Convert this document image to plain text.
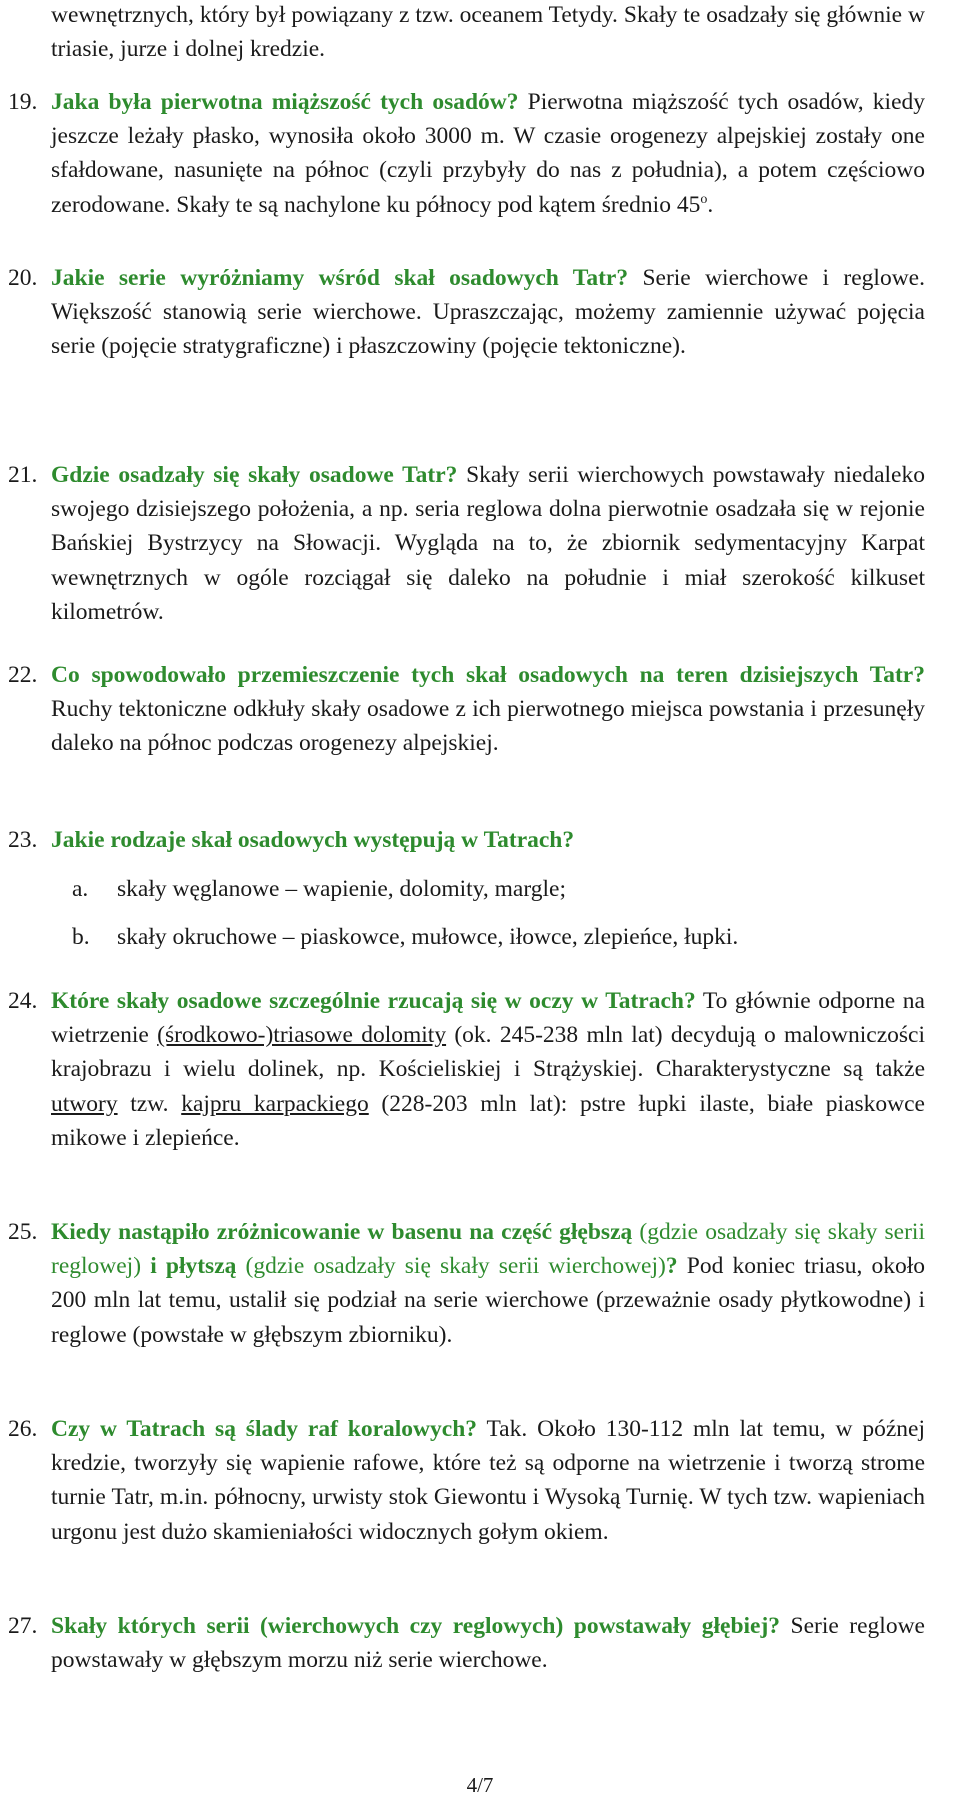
wewnętrznych, który był powiązany z tzw. oceanem Tetydy. Skały te osadzały się głównie w triasie, jurze i dolnej kredzie.
19. Jaka była pierwotna miąższość tych osadów? Pierwotna miąższość tych osadów, kiedy jeszcze leżały płasko, wynosiła około 3000 m. W czasie orogenezy alpejskiej zostały one sfałdowane, nasunięte na północ (czyli przybyły do nas z południa), a potem częściowo zerodowane. Skały te są nachylone ku północy pod kątem średnio 45$^o$.
20. Jakie serie wyróżniamy wśród skał osadowych Tatr? Serie wierchowe i reglowe. Większość stanowią serie wierchowe. Upraszczając, możemy zamiennie używać pojęcia serie (pojęcie stratygraficzne) i płaszczowiny (pojęcie tektoniczne).
21. Gdzie osadzały się skały osadowe Tatr? Skały serii wierchowych powstawały niedaleko swojego dzisiejszego położenia, a np. seria reglowa dolna pierwotnie osadzała się w rejonie Bańskiej Bystrzycy na Słowacji. Wygląda na to, że zbiornik sedymentacyjny Karpat wewnętrznych w ogóle rozciągał się daleko na południe i miał szerokość kilkuset kilometrów.
22. Co spowodowało przemieszczenie tych skał osadowych na teren dzisiejszych Tatr? Ruchy tektoniczne odkłuły skały osadowe z ich pierwotnego miejsca powstania i przesunęły daleko na północ podczas orogenezy alpejskiej.
23. Jakie rodzaje skał osadowych występują w Tatrach?
a. skały węglanowe – wapienie, dolomity, margle;
b. skały okruchowe – piaskowce, mułowce, iłowce, zlepieńce, łupki.
24. Które skały osadowe szczególnie rzucają się w oczy w Tatrach? To głównie odporne na wietrzenie (środkowo-)triasowe dolomity (ok. 245-238 mln lat) decydują o malowniczości krajobrazu i wielu dolinek, np. Kościeliskiej i Strążyskiej. Charakterystyczne są także utwory tzw. kajpru karpackiego (228-203 mln lat): pstre łupki ilaste, białe piaskowce mikowe i zlepieńce.
25. Kiedy nastąpiło zróżnicowanie w basenu na część głębszą (gdzie osadzały się skały serii reglowej) i płytszą (gdzie osadzały się skały serii wierchowej)? Pod koniec triasu, około 200 mln lat temu, ustalił się podział na serie wierchowe (przeważnie osady płytkowodne) i reglowe (powstałe w głębszym zbiorniku).
26. Czy w Tatrach są ślady raf koralowych? Tak. Około 130-112 mln lat temu, w późnej kredzie, tworzyły się wapienie rafowe, które też są odporne na wietrzenie i tworzą strome turnie Tatr, m.in. północny, urwisty stok Giewontu i Wysoką Turnię. W tych tzw. wapieniach urgonu jest dużo skamieniałości widocznych gołym okiem.
27. Skały których serii (wierchowych czy reglowych) powstawały głębiej? Serie reglowe powstawały w głębszym morzu niż serie wierchowe.
4/7
